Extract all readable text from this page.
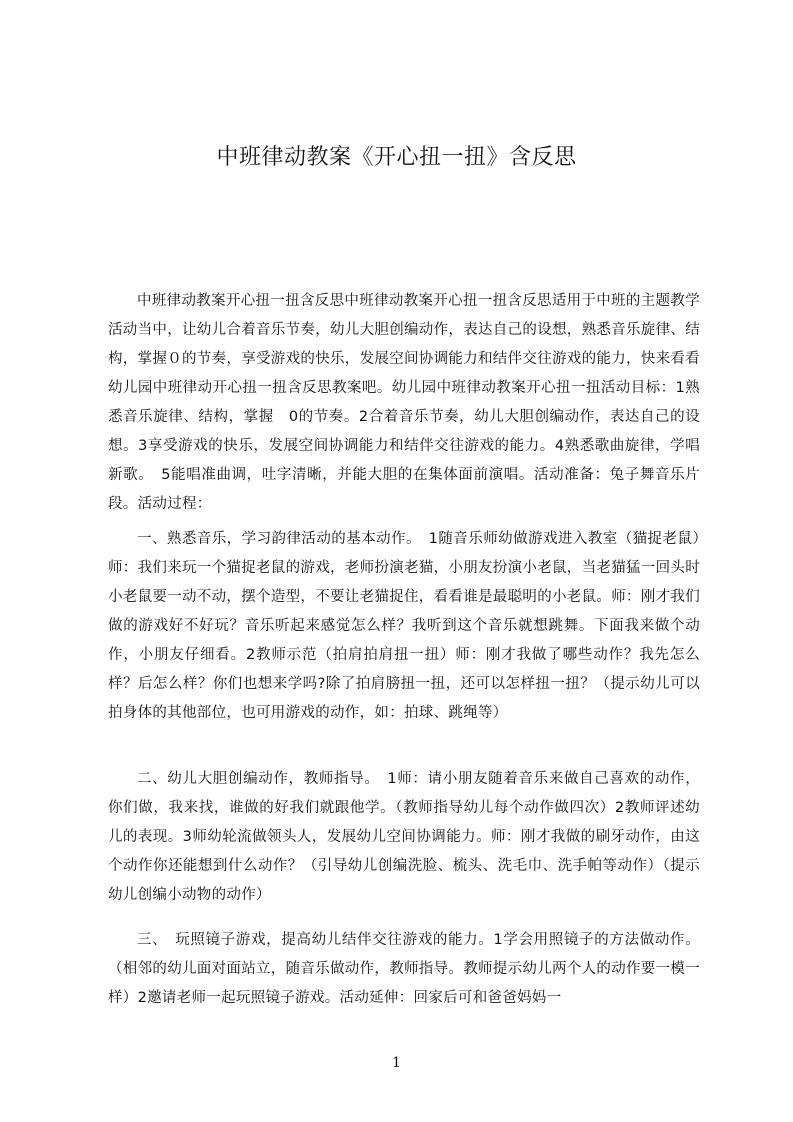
中班律动教案《开心扭一扭》含反思

中班律动教案开心扭一扭含反思中班律动教案开心扭一扭含反思适用于中班的主题教学活动当中，让幼儿合着音乐节奏，幼儿大胆创编动作，表达自己的设想，熟悉音乐旋律、结构，掌握０的节奏，享受游戏的快乐，发展空间协调能力和结伴交往游戏的能力，快来看看幼儿园中班律动开心扭一扭含反思教案吧。幼儿园中班律动教案开心扭一扭活动目标：1熟悉音乐旋律、结构，掌握　0的节奏。2合着音乐节奏，幼儿大胆创编动作，表达自己的设想。3享受游戏的快乐，发展空间协调能力和结伴交往游戏的能力。4熟悉歌曲旋律，学唱新歌。　5能唱准曲调，吐字清晰，并能大胆的在集体面前演唱。活动准备：兔子舞音乐片段。活动过程：

一、熟悉音乐，学习韵律活动的基本动作。　1随音乐师幼做游戏进入教室（猫捉老鼠）师：我们来玩一个猫捉老鼠的游戏，老师扮演老猫，小朋友扮演小老鼠，当老猫猛一回头时小老鼠要一动不动，摆个造型，不要让老猫捉住，看看谁是最聪明的小老鼠。师：刚才我们做的游戏好不好玩？音乐听起来感觉怎么样？我听到这个音乐就想跳舞。下面我来做个动作，小朋友仔细看。2教师示范（拍肩拍肩扭一扭）师：刚才我做了哪些动作？我先怎么样？后怎么样？你们也想来学吗?除了拍肩膀扭一扭，还可以怎样扭一扭？（提示幼儿可以拍身体的其他部位，也可用游戏的动作，如：拍球、跳绳等）

二、幼儿大胆创编动作，教师指导。　1师：请小朋友随着音乐来做自己喜欢的动作，你们做，我来找，谁做的好我们就跟他学。（教师指导幼儿每个动作做四次）2教师评述幼儿的表现。3师幼轮流做领头人，发展幼儿空间协调能力。师：刚才我做的刷牙动作，由这个动作你还能想到什么动作？（引导幼儿创编洗脸、梳头、洗毛巾、洗手帕等动作）（提示幼儿创编小动物的动作）

三、　玩照镜子游戏，提高幼儿结伴交往游戏的能力。1学会用照镜子的方法做动作。（相邻的幼儿面对面站立，随音乐做动作，教师指导。教师提示幼儿两个人的动作要一模一样）2邀请老师一起玩照镜子游戏。活动延伸：回家后可和爸爸妈妈一

1
